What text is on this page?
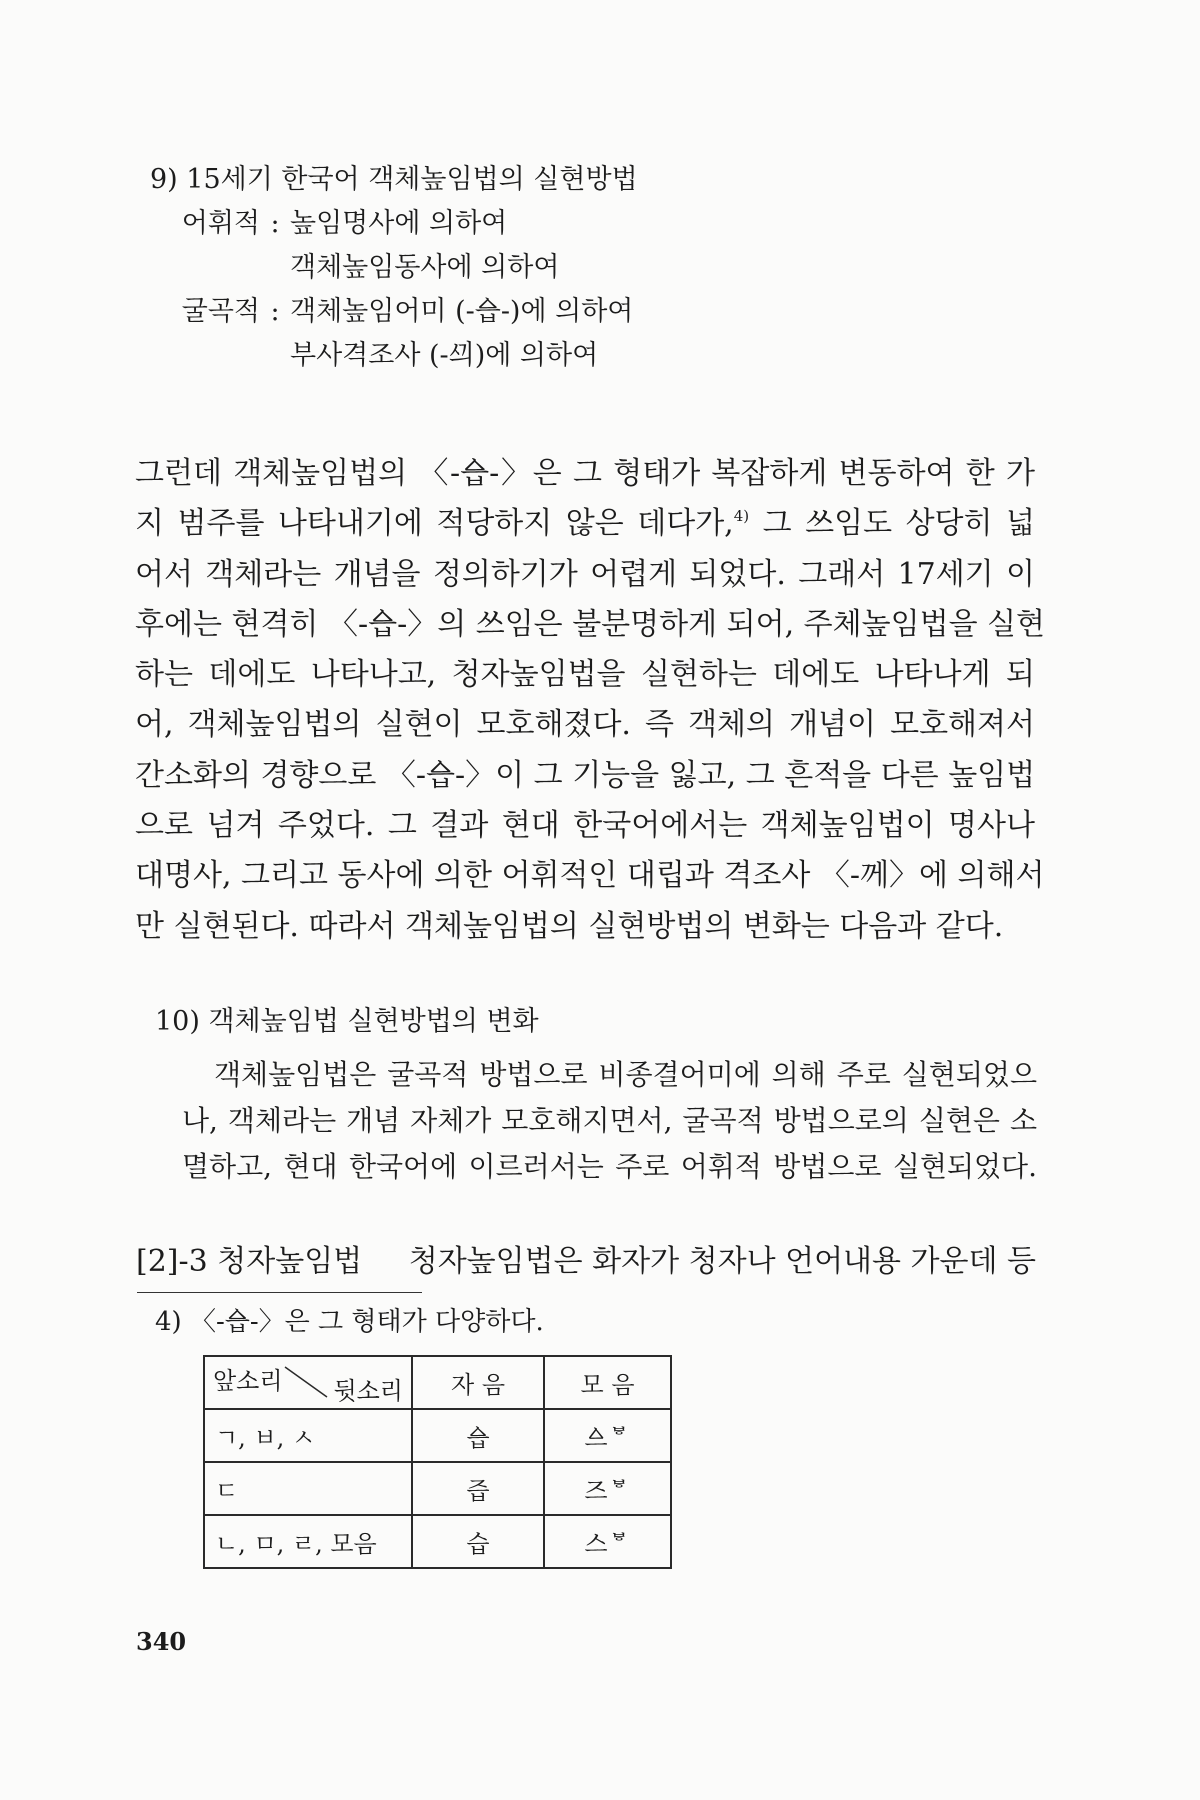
9) 15세기 한국어 객체높임법의 실현방법
어휘적 : 높임명사에 의하여
객체높임동사에 의하여
굴곡적 : 객체높임어미 (-ᅀᅳᆸ-)에 의하여
부사격조사 (-ᄭᅴ)에 의하여
그런데 객체높임법의 〈-ᅀᅳᆸ-〉은 그 형태가 복잡하게 변동하여 한 가
지 범주를 나타내기에 적당하지 않은 데다가,$^{4)}$ 그 쓰임도 상당히 넓
어서 객체라는 개념을 정의하기가 어렵게 되었다. 그래서 17세기 이
후에는 현격히 〈-ᅀᅳᆸ-〉의 쓰임은 불분명하게 되어, 주체높임법을 실현
하는 데에도 나타나고, 청자높임법을 실현하는 데에도 나타나게 되
어, 객체높임법의 실현이 모호해졌다. 즉 객체의 개념이 모호해져서
간소화의 경향으로 〈-ᅀᅳᆸ-〉이 그 기능을 잃고, 그 흔적을 다른 높임법
으로 넘겨 주었다. 그 결과 현대 한국어에서는 객체높임법이 명사나
대명사, 그리고 동사에 의한 어휘적인 대립과 격조사 〈-께〉에 의해서
만 실현된다. 따라서 객체높임법의 실현방법의 변화는 다음과 같다.
10) 객체높임법 실현방법의 변화
객체높임법은 굴곡적 방법으로 비종결어미에 의해 주로 실현되었으
나, 객체라는 개념 자체가 모호해지면서, 굴곡적 방법으로의 실현은 소
멸하고, 현대 한국어에 이르러서는 주로 어휘적 방법으로 실현되었다.
[2]-3 청자높임법 청자높임법은 화자가 청자나 언어내용 가운데 등
4) 〈-ᅀᅳᆸ-〉은 그 형태가 다양하다.
앞소리 뒷소리	자 음	모 음
ㄱ, ㅂ, ㅅ	ᅀᅳᆸ	ᅀᅳᄫ
ㄷ	즙	즈ᄫ
ㄴ, ㅁ, ㄹ, 모음	습	스ᄫ
340
